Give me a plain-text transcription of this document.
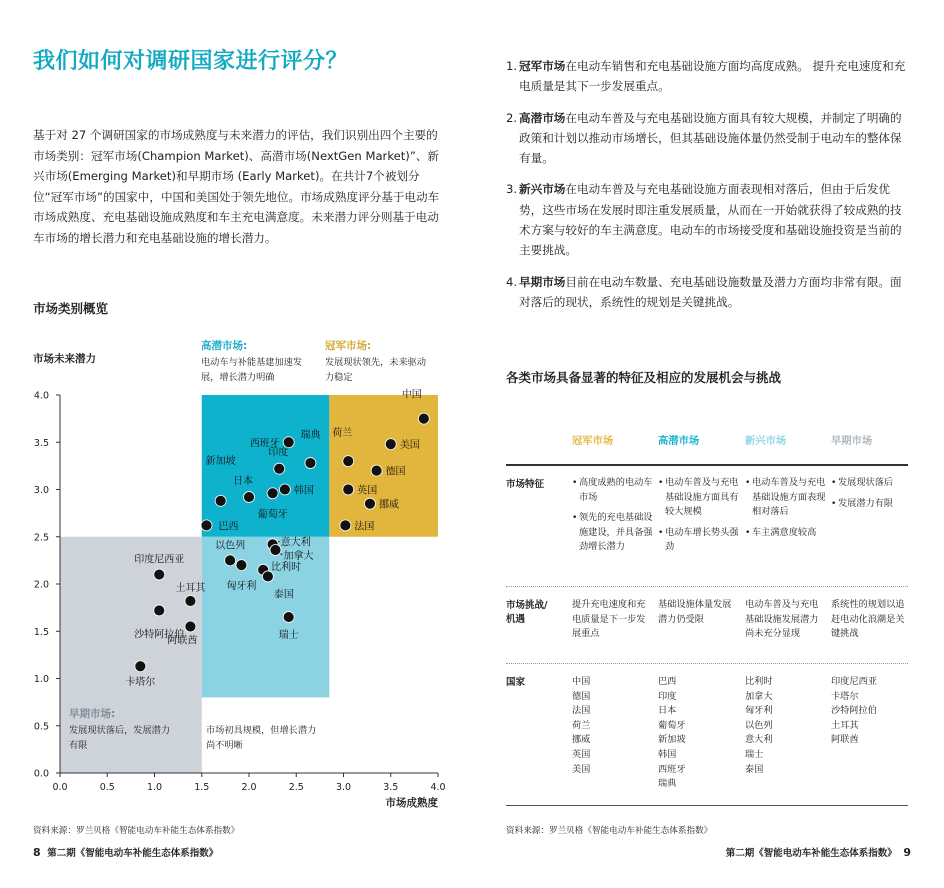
我们如何对调研国家进行评分？
基于对 27 个调研国家的市场成熟度与未来潜力的评估，我们识别出四个主要的市场类别：冠军市场(Champion Market)、高潜市场(NextGen Market)”、新兴市场(Emerging Market)和早期市场 (Early Market)。在共计7个被划分位“冠军市场”的国家中，中国和美国处于领先地位。市场成熟度评分基于电动车市场成熟度、充电基础设施成熟度和车主充电满意度。未来潜力评分则基于电动车市场的增长潜力和充电基础设施的增长潜力。
市场类别概览
高潜市场:
电动车与补能基建加速发
展，增长潜力明确
冠军市场:
发展现状领先，未来驱动
力稳定
0.0	0.5	1.0	1.5	2.0	2.5	3.0	3.5	4.0
0.0
0.5
1.0
1.5
2.0
2.5
3.0
3.5
4.0	中国
美国
荷兰
德国
英国
挪威
法国
瑞典
西班牙
印度
韩国
日本
葡萄牙
新加坡
巴西
以色列	意大利
加拿大
匈牙利
比利时
泰国
瑞士
印度尼西亚
土耳其
沙特阿拉伯
阿联酋
卡塔尔
市场未来潜力
市场成熟度
早期市场:
发展现状落后，发展潜力
有限
新兴市场:
市场初具规模，但增长潜力
尚不明晰
资料来源：罗兰贝格《智能电动车补能生态体系指数》
8 第二期《智能电动车补能生态体系指数》
1. 冠军市场在电动车销售和充电基础设施方面均高度成熟。 提升充电速度和充电质量是其下一步发展重点。
2. 高潜市场在电动车普及与充电基础设施方面具有较大规模，并制定了明确的政策和计划以推动市场增长，但其基础设施体量仍然受制于电动车的整体保有量。
3. 新兴市场在电动车普及与充电基础设施方面表现相对落后，但由于后发优势，这些市场在发展时即注重发展质量，从而在一开始就获得了较成熟的技术方案与较好的车主满意度。电动车的市场接受度和基础设施投资是当前的主要挑战。
4. 早期市场目前在电动车数量、充电基础设施数量及潜力方面均非常有限。面对落后的现状，系统性的规划是关键挑战。
各类市场具备显著的特征及相应的发展机会与挑战
冠军市场	高潜市场	新兴市场	早期市场
市场特征
•	高度成熟的电动车市场
• 领先的充电基础设施建设，并具备强劲增长潜力
• 电动车普及与充电基础设施方面具有较大规模
• 电动车增长势头强劲
• 电动车普及与充电基础设施方面表现相对落后
• 车主满意度较高
• 发展现状落后
• 发展潜力有限
市场挑战/
机遇
提升充电速度和充电质量是下一步发展重点
基础设施体量发展潜力仍受限
电动车普及与充电基础设施发展潜力尚未充分显现
系统性的规划以追赶电动化浪潮是关键挑战
国家	中国
德国
法国
荷兰
挪威
英国
美国
巴西
印度
日本
葡萄牙
新加坡
韩国
西班牙
瑞典
比利时
加拿大
匈牙利
以色列
意大利
瑞士
泰国
印度尼西亚
卡塔尔
沙特阿拉伯
土耳其
阿联酋
资料来源：罗兰贝格《智能电动车补能生态体系指数》
第二期《智能电动车补能生态体系指数》 9
